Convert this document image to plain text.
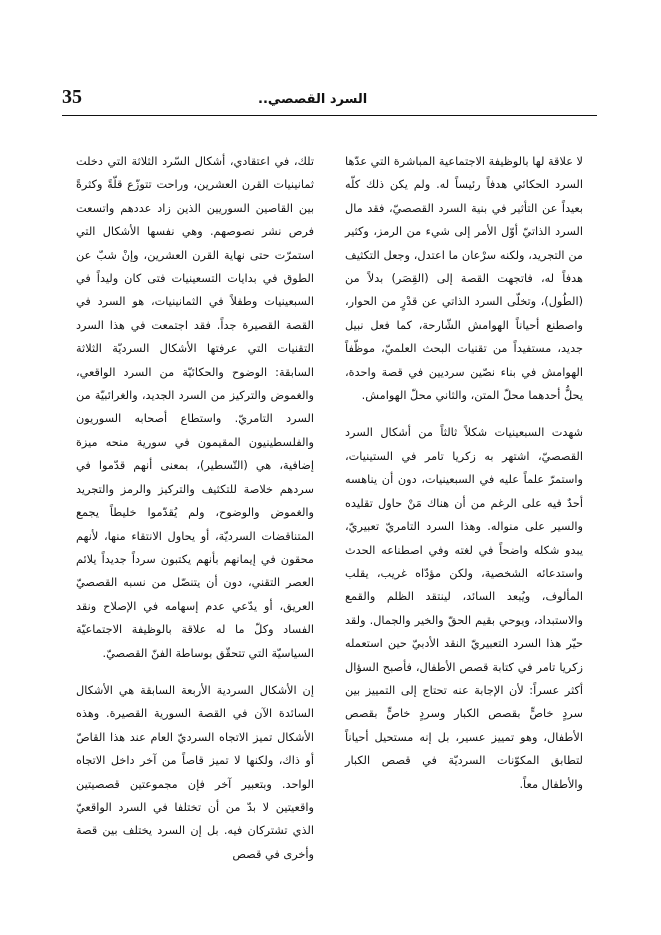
35	السرد القصصي..

لا علاقة لها بالوظيفة الاجتماعية المباشرة التي عدّها السرد الحكائي هدفاً رئيساً له. ولم يكن ذلك كلّه بعيداً عن التأثير في بنية السرد القصصيّ، فقد مال السرد الذاتيّ أوّل الأمر إلى شيء من الرمز، وكثير من التجريد، ولكنه سرْعان ما اعتدل، وجعل التكثيف هدفاً له، فاتجهت القصة إلى (القِصَر) بدلاً من (الطُول)، وتخلّى السرد الذاتي عن قدْرٍ من الحوار، واصطنع أحياناً الهوامش الشّارحة، كما فعل نبيل جديد، مستفيداً من تقنيات البحث العلميّ، موظّفاً الهوامش في بناء نصّين سرديين في قصة واحدة، يحلُّ أحدهما محلّ المتن، والثاني محلّ الهوامش.

شهدت السبعينيات شكلاً ثالثاً من أشكال السرد القصصيّ، اشتهر به زكريا تامر في الستينيات، واستمرّ علماً عليه في السبعينيات، دون أن يناهسه أحدٌ فيه على الرغم من أن هناك مَنْ حاول تقليده والسير على منواله. وهذا السرد التامريّ تعبيريّ، يبدو شكله واضحاً في لغته وفي اصطناعه الحدث واستدعائه الشخصية، ولكن مؤدّاه غريب، يقلب المألوف، ويُبعد السائد، لينتقد الظلم والقمع والاستبداد، ويوحي بقيم الحقّ والخير والجمال. ولقد حيّر هذا السرد التعبيريّ النقد الأدبيّ حين استعمله زكريا تامر في كتابة قصص الأطفال، فأصبح السؤال أكثر عسراً: لأن الإجابة عنه تحتاج إلى التمييز بين سردٍ خاصٍّ بقصص الكبار وسردٍ خاصٍّ بقصص الأطفال، وهو تمييز عسير، بل إنه مستحيل أحياناً لتطابق المكوّنات السرديّة في قصص الكبار والأطفال معاً.

تلك، في اعتقادي، أشكال السّرد الثلاثة التي دخلت ثمانينيات القرن العشرين، وراحت تتوزّع قلّةً وكثرةً بين القاصين السوريين الذين زاد عددهم واتسعت فرص نشر نصوصهم. وهي نفسها الأشكال التي استمرّت حتى نهاية القرن العشرين، وإنْ شبّ عن الطوق في بدايات التسعينيات فتى كان وليداً في السبعينيات وطفلاً في الثمانينيات، هو السرد في القصة القصيرة جداً. فقد اجتمعت في هذا السرد التقنيات التي عرفتها الأشكال السرديّة الثلاثة السابقة: الوضوح والحكائيّة من السرد الواقعي، والغموض والتركيز من السرد الجديد، والغرائبيّة من السرد التامريّ. واستطاع أصحابه السوريون والفلسطينيون المقيمون في سورية منحه ميزة إضافية، هي (التّسطير)، بمعنى أنهم قدّموا في سردهم خلاصة للتكثيف والتركيز والرمز والتجريد والغموض والوضوح، ولم يُقدّموا خليطاً يجمع المتناقضات السرديّة، أو يحاول الانتقاء منها، لأنهم محقون في إيمانهم بأنهم يكتبون سرداً جديداً يلائم العصر التقني، دون أن يتنصّل من نسبه القصصيّ العريق، أو يدّعي عدم إسهامه في الإصلاح ونقد الفساد وكلّ ما له علاقة بالوظيفة الاجتماعيّة السياسيّة التي تتحقّق بوساطة الفنّ القصصيّ.

إن الأشكال السردية الأربعة السابقة هي الأشكال السائدة الآن في القصة السورية القصيرة. وهذه الأشكال تميز الاتجاه السرديّ العام عند هذا القاصّ أو ذاك، ولكنها لا تميز قاصاً من آخر داخل الاتجاه الواحد. وبتعبير آخر فإن مجموعتين قصصيتين واقعيتين لا بدّ من أن تختلفا في السرد الواقعيّ الذي تشتركان فيه. بل إن السرد يختلف بين قصة وأخرى في قصص
